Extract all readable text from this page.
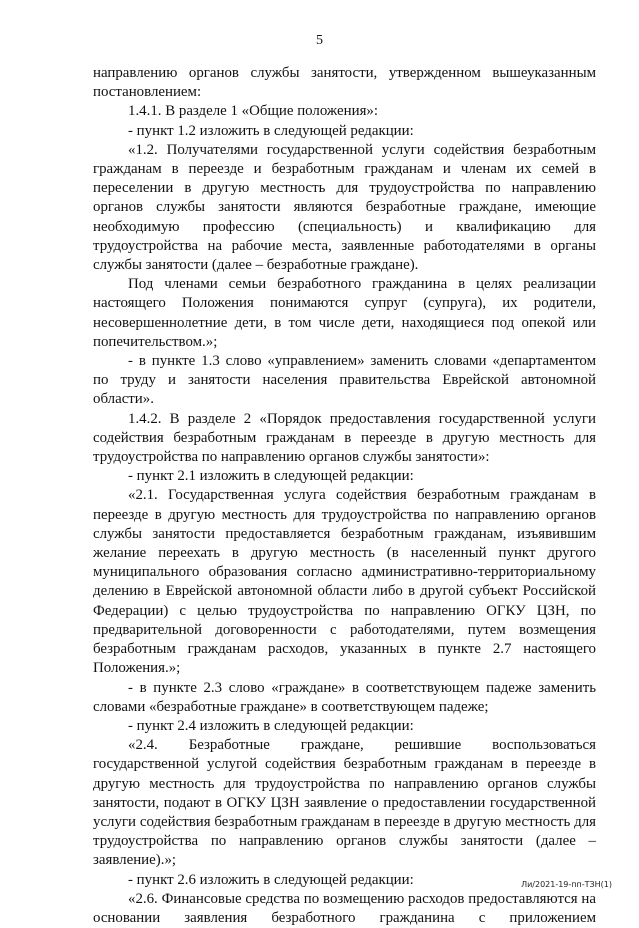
5

направлению органов службы занятости, утвержденном вышеуказанным постановлением:

1.4.1. В разделе 1 «Общие положения»:

- пункт 1.2 изложить в следующей редакции:

«1.2. Получателями государственной услуги содействия безработным гражданам в переезде и безработным гражданам и членам их семей в переселении в другую местность для трудоустройства по направлению органов службы занятости являются безработные граждане, имеющие необходимую профессию (специальность) и квалификацию для трудоустройства на рабочие места, заявленные работодателями в органы службы занятости (далее – безработные граждане).

Под членами семьи безработного гражданина в целях реализации настоящего Положения понимаются супруг (супруга), их родители, несовершеннолетние дети, в том числе дети, находящиеся под опекой или попечительством.»;

- в пункте 1.3 слово «управлением» заменить словами «департаментом по труду и занятости населения правительства Еврейской автономной области».

1.4.2. В разделе 2 «Порядок предоставления государственной услуги содействия безработным гражданам в переезде в другую местность для трудоустройства по направлению органов службы занятости»:

- пункт 2.1 изложить в следующей редакции:

«2.1. Государственная услуга содействия безработным гражданам в переезде в другую местность для трудоустройства по направлению органов службы занятости предоставляется безработным гражданам, изъявившим желание переехать в другую местность (в населенный пункт другого муниципального образования согласно административно-территориальному делению в Еврейской автономной области либо в другой субъект Российской Федерации) с целью трудоустройства по направлению ОГКУ ЦЗН, по предварительной договоренности с работодателями, путем возмещения безработным гражданам расходов, указанных в пункте 2.7 настоящего Положения.»;

- в пункте 2.3 слово «граждане» в соответствующем падеже заменить словами «безработные граждане» в соответствующем падеже;

- пункт 2.4 изложить в следующей редакции:

«2.4. Безработные граждане, решившие воспользоваться государственной услугой содействия безработным гражданам в переезде в другую местность для трудоустройства по направлению органов службы занятости, подают в ОГКУ ЦЗН заявление о предоставлении государственной услуги содействия безработным гражданам в переезде в другую местность для трудоустройства по направлению органов службы занятости (далее – заявление).»;

- пункт 2.6 изложить в следующей редакции:

«2.6. Финансовые средства по возмещению расходов предоставляются на основании заявления безработного гражданина с приложением

Ли/2021-19-пп-ТЗН(1)
